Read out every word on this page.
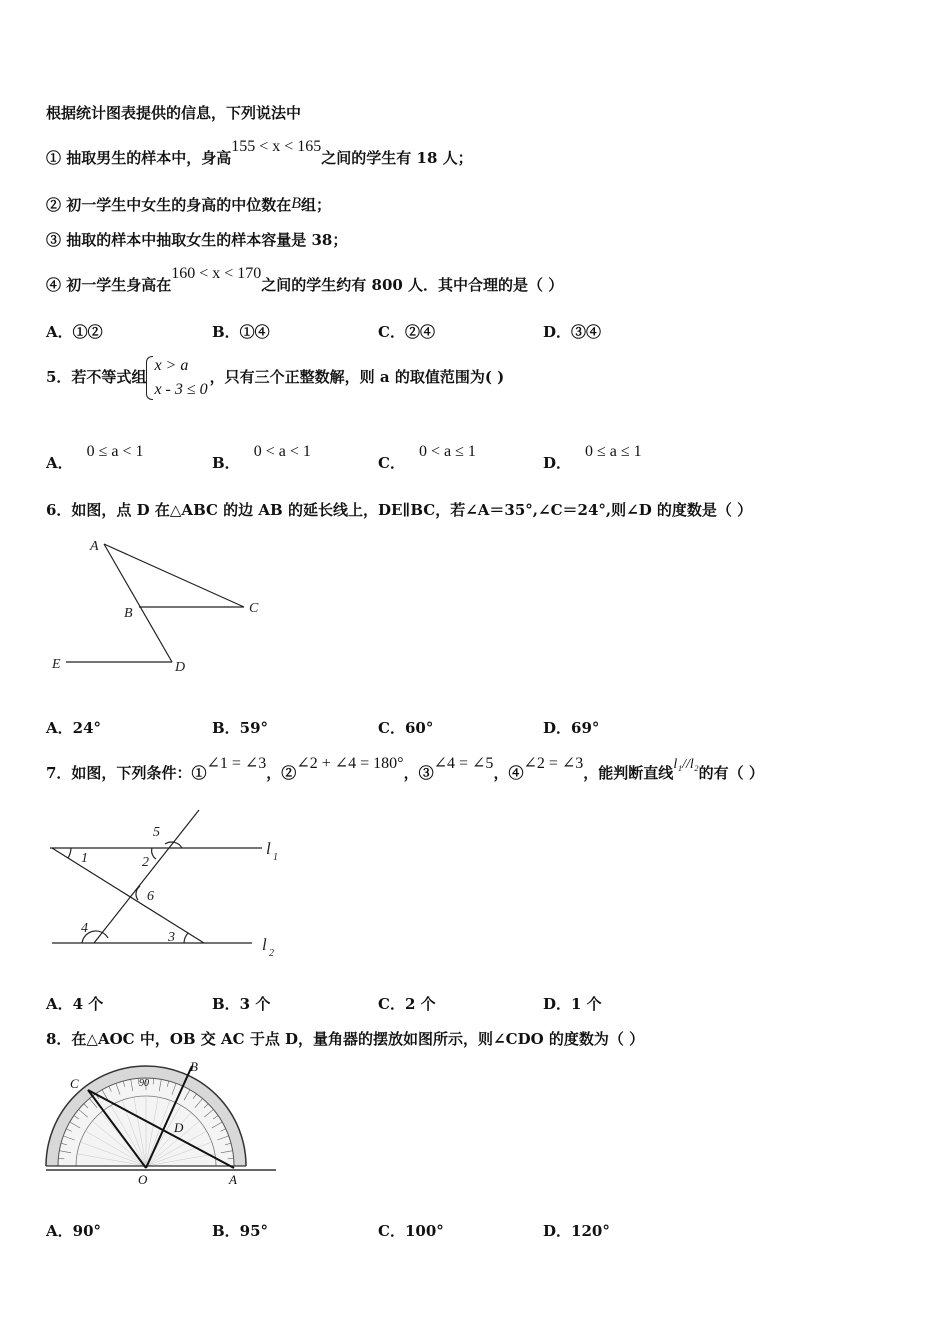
根据统计图表提供的信息，下列说法中
① 抽取男生的样本中，身高155 < x < 165之间的学生有 18 人；
② 初一学生中女生的身高的中位数在B组；
③ 抽取的样本中抽取女生的样本容量是 38；
④ 初一学生身高在160 < x < 170之间的学生约有 800 人．其中合理的是（ ）
A．①②	B．①④	C．②④	D．③④
5．若不等式组
x > a
x - 3 ≤ 0
，只有三个正整数解，则 a 的取值范围为( )
A．0 ≤ a < 1
B．0 < a < 1
C．0 < a ≤ 1
D．0 ≤ a ≤ 1
6．如图，点 D 在△ABC 的边 AB 的延长线上，DE∥BC，若∠A＝35°,∠C＝24°,则∠D 的度数是（ ）
A
B	C
D
E
A．24°	B．59°	C．60°	D．69°
7．如图，下列条件：①∠1 = ∠3，②∠2 + ∠4 = 180°，③∠4 = ∠5，④∠2 = ∠3，能判断直线l₁//l₂的有（ ）
1	2
3
4
5
6
l 1
l 2
A．4 个	B．3 个	C．2 个	D．1 个
8．在△AOC 中，OB 交 AC 于点 D，量角器的摆放如图所示，则∠CDO 的度数为（ ）
C
B
D
O	A
90
A．90°	B．95°	C．100°	D．120°
